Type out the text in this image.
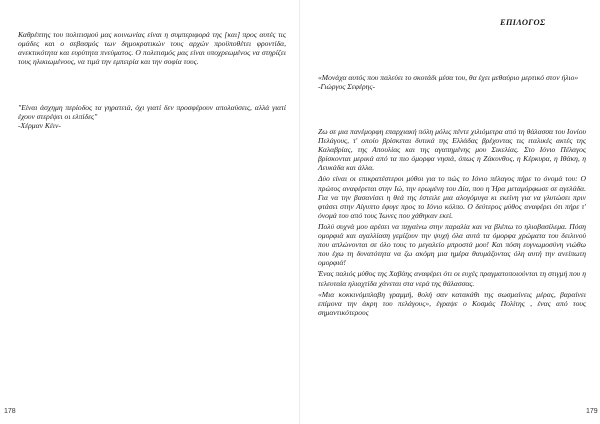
Καθρέπτης του πολιτισμού μας κοινωνίας είναι η συμπεριφορά της [και] προς αυτές τις ομάδες και ο σεβασμός των δημοκρατικών τους αρχών προϋποθέτει φροντίδα, ανεκτικότητα και ευρύτητα πνεύματος. Ο πολιτισμός μας είναι υποχρεωμένος να στηρίζει τους ηλικιωμένους, να τιμά την εμπειρία και την σοφία τους.

"Είναι άσχημη περίοδος τα γηρατειά, όχι γιατί δεν προσφέρουν απολαύσεις, αλλά γιατί έχουν στερέψει οι ελπίδες"
-Χέρμαν Κέιν-
178
ΕΠΙΛΟΓΟΣ
«Μονάχα αυτός που παλεύει το σκοτάδι μέσα του, θα έχει μεθαύριο μερτικό στον ήλιο»
-Γιώργος Σεφέρης-

Ζω σε μια πανέμορφη επαρχιακή πόλη μόλις πέντε χιλιόμετρα από τη θάλασσα του Ιονίου Πελάγους, τ' οποίο βρίσκεται δυτικά της Ελλάδας βρέχοντας τις ιταλικές ακτές της Καλαβρίας, της Απουλίας και της αγαπημένης μου Σικελίας. Στο Ιόνιο Πέλαγος βρίσκονται μερικά από τα πιο όμορφα νησιά, όπως η Ζάκυνθος, η Κέρκυρα, η Ιθάκη, η Λευκάδα και άλλα.

Δύο είναι οι επικρατέστεροι μύθοι για το πώς το Ιόνιο πέλαγος πήρε το όνομά του: Ο πρώτος αναφέρεται στην Ιώ, την ερωμένη του Δία, που η Ήρα μεταμόρφωσε σε αγελάδα. Για να την βασανίσει η θεά της έστειλε μια αλογόμυγα κι εκείνη για να γλυτώσει πριν φτάσει στην Αίγυπτο έφυγε προς το Ιόνιο κόλπο. Ο δεύτερος μύθος αναφέρει ότι πήρε τ' όνομά του από τους Ίωνες που χάθηκαν εκεί.

Πολύ συχνά μου αρέσει να πηγαίνω στην παραλία και να βλέπω το ηλιοβασίλεμα. Πόση ομορφιά και αγαλλίαση γεμίζουν την ψυχή όλα αυτά τα όμορφα χρώματα του δειλινού που απλώνονται σε όλο τους το μεγαλείο μπροστά μου! Και πόση ευγνωμοσύνη νιώθω που έχω τη δυνατότητα να ζω ακόμη μια ημέρα θαυμάζοντας όλη αυτή την ανείπωτη ομορφιά!

Ένας παλιός μύθος της Χαβάης αναφέρει ότι οι ευχές πραγματοποιούνται τη στιγμή που η τελευταία ηλιαχτίδα χάνεται στα νερά της θάλασσας.

«Μια κοκκινόμπλαβη γραμμή, θολή σαν κατακάθι της σωσμαίνεις μέρας, βαραίνει επίμονα την άκρη του πελάγους», έγραψε ο Κοσμάς Πολίτης , ένας από τους σημαντικότερους

179
